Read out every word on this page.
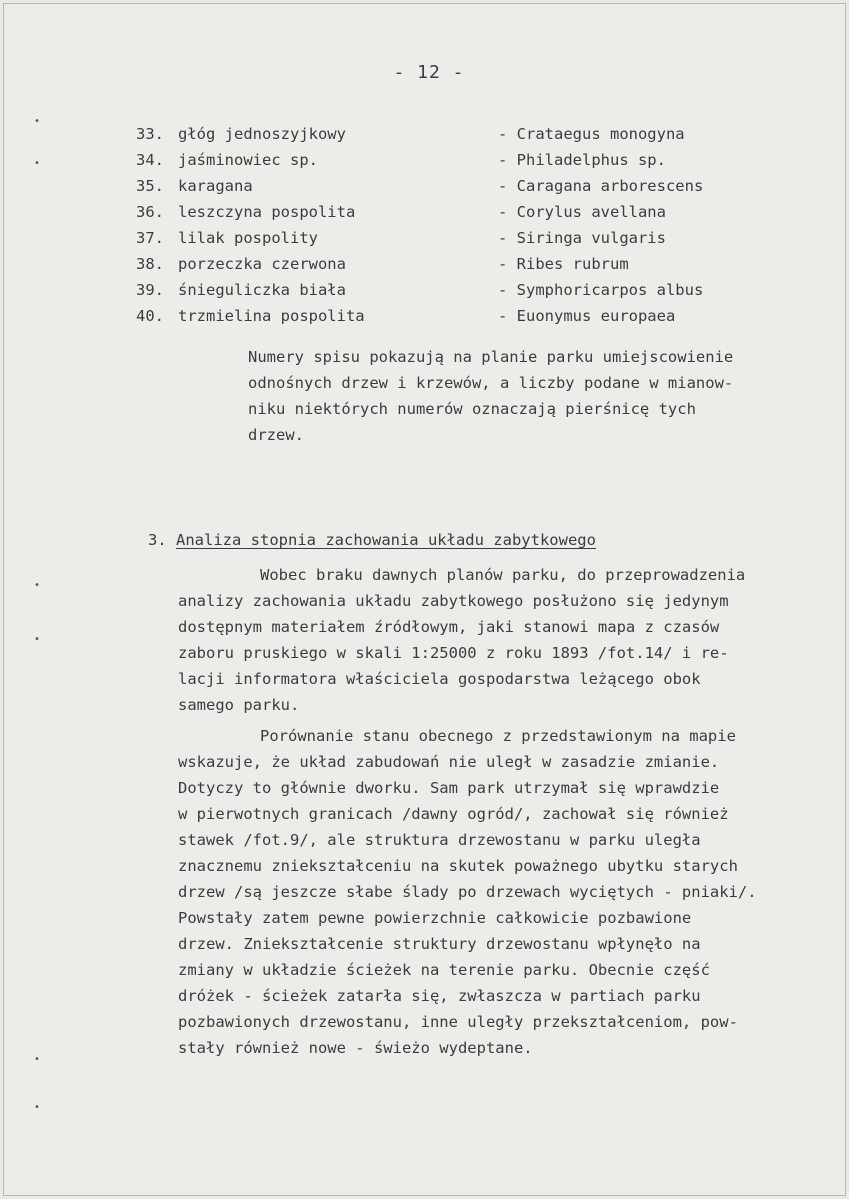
- 12 -
33. głóg jednoszyjkowy	- Crataegus monogyna
34. jaśminowiec sp.	- Philadelphus sp.
35. karagana	- Caragana arborescens
36. leszczyna pospolita	- Corylus avellana
37. lilak pospolity	- Siringa vulgaris
38. porzeczka czerwona	- Ribes rubrum
39. śnieguliczka biała	- Symphoricarpos albus
40. trzmielina pospolita	- Euonymus europaea
Numery spisu pokazują na planie parku umiejscowienie
odnośnych drzew i krzewów, a liczby podane w mianow-
niku niektórych numerów oznaczają pierśnicę tych
drzew.
3. Analiza stopnia zachowania układu zabytkowego
Wobec braku dawnych planów parku, do przeprowadzenia
analizy zachowania układu zabytkowego posłużono się jedynym
dostępnym materiałem źródłowym, jaki stanowi mapa z czasów
zaboru pruskiego w skali 1:25000 z roku 1893 /fot.14/ i re-
lacji informatora właściciela gospodarstwa leżącego obok
samego parku.
Porównanie stanu obecnego z przedstawionym na mapie
wskazuje, że układ zabudowań nie uległ w zasadzie zmianie.
Dotyczy to głównie dworku. Sam park utrzymał się wprawdzie
w pierwotnych granicach /dawny ogród/, zachował się również
stawek /fot.9/, ale struktura drzewostanu w parku uległa
znacznemu zniekształceniu na skutek poważnego ubytku starych
drzew /są jeszcze słabe ślady po drzewach wyciętych - pniaki/.
Powstały zatem pewne powierzchnie całkowicie pozbawione
drzew. Zniekształcenie struktury drzewostanu wpłynęło na
zmiany w układzie ścieżek na terenie parku. Obecnie część
dróżek - ścieżek zatarła się, zwłaszcza w partiach parku
pozbawionych drzewostanu, inne uległy przekształceniom, pow-
stały również nowe - świeżo wydeptane.
•
•
•
•
•
•
